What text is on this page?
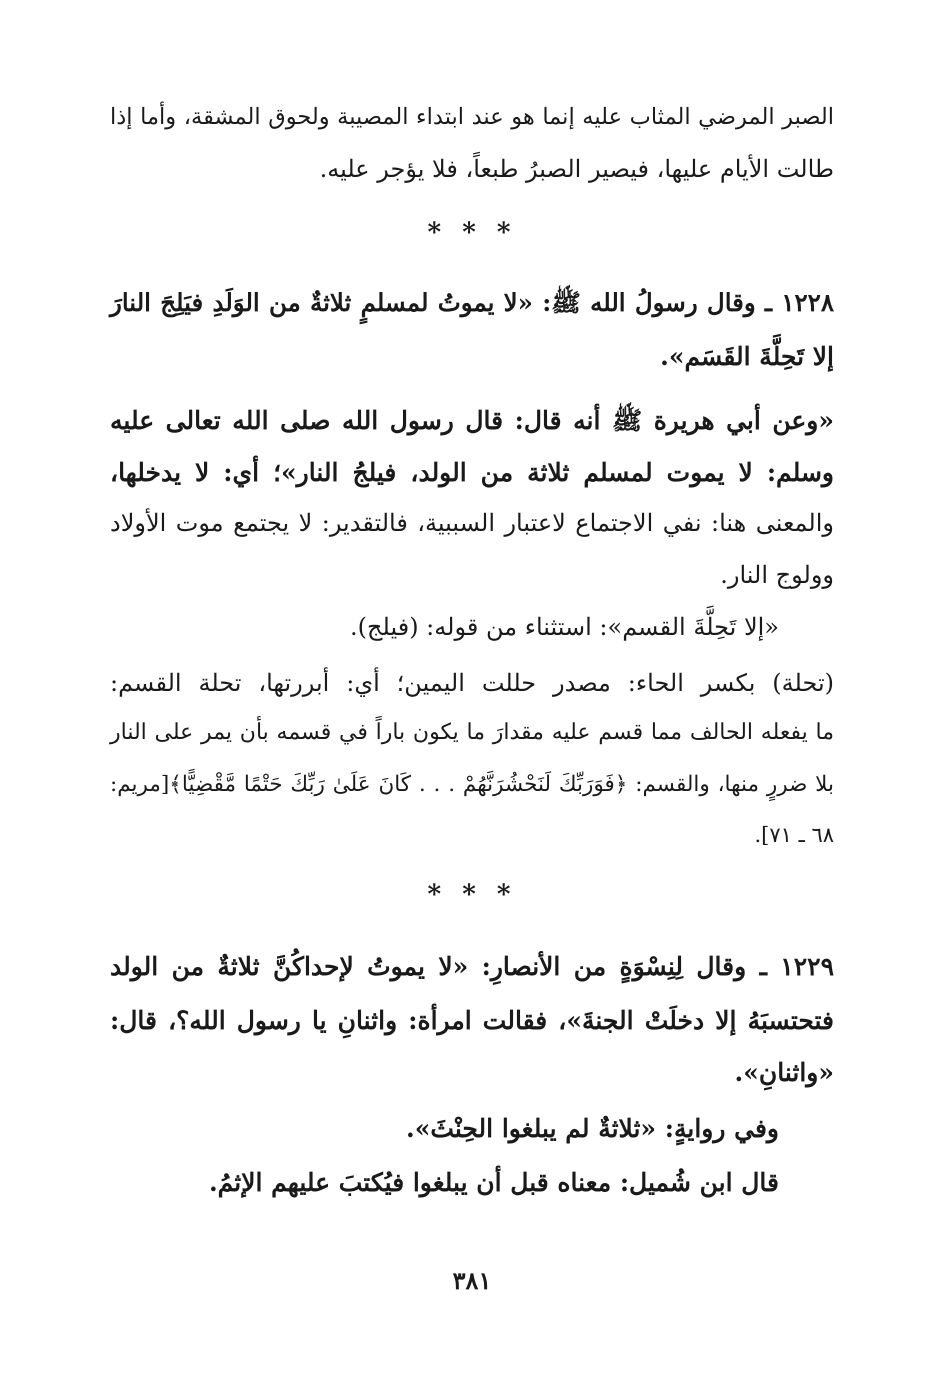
الصبر المرضي المثاب عليه إنما هو عند ابتداء المصيبة ولحوق المشقة، وأما إذا
طالت الأيام عليها، فيصير الصبرُ طبعاً، فلا يؤجر عليه.
* * *
١٢٢٨ ـ وقال رسولُ الله ﷺ: «لا يموتُ لمسلمٍ ثلاثةٌ من الوَلَدِ فيَلِجَ النارَ
إلا تَحِلَّةَ القَسَم».
«وعن أبي هريرة ﷺ أنه قال: قال رسول الله صلى الله تعالى عليه
وسلم: لا يموت لمسلم ثلاثة من الولد، فيلجُ النار»؛ أي: لا يدخلها،
والمعنى هنا: نفي الاجتماع لاعتبار السببية، فالتقدير: لا يجتمع موت الأولاد
وولوج النار.
«إلا تَحِلَّةَ القسم»: استثناء من قوله: (فيلج).
(تحلة) بكسر الحاء: مصدر حللت اليمين؛ أي: أبررتها، تحلة القسم:
ما يفعله الحالف مما قسم عليه مقدارَ ما يكون باراً في قسمه بأن يمر على النار
بلا ضررٍ منها، والقسم: ﴿فَوَرَبِّكَ لَنَحْشُرَنَّهُمْ . . . كَانَ عَلَىٰ رَبِّكَ حَتْمًا مَّقْضِيًّا﴾[مريم:
٦٨ ـ ٧١].
* * *
١٢٢٩ ـ وقال لِنِسْوَةٍ من الأنصارِ: «لا يموتُ لإحداكُنَّ ثلاثةٌ من الولد
فتحتسبَهُ إلا دخلَتْ الجنةَ»، فقالت امرأة: واثنانِ يا رسول الله؟، قال:
«واثنانِ».
وفي روايةٍ: «ثلاثةٌ لم يبلغوا الحِنْثَ».
قال ابن شُميل: معناه قبل أن يبلغوا فيُكتبَ عليهم الإثمُ.
٣٨١
